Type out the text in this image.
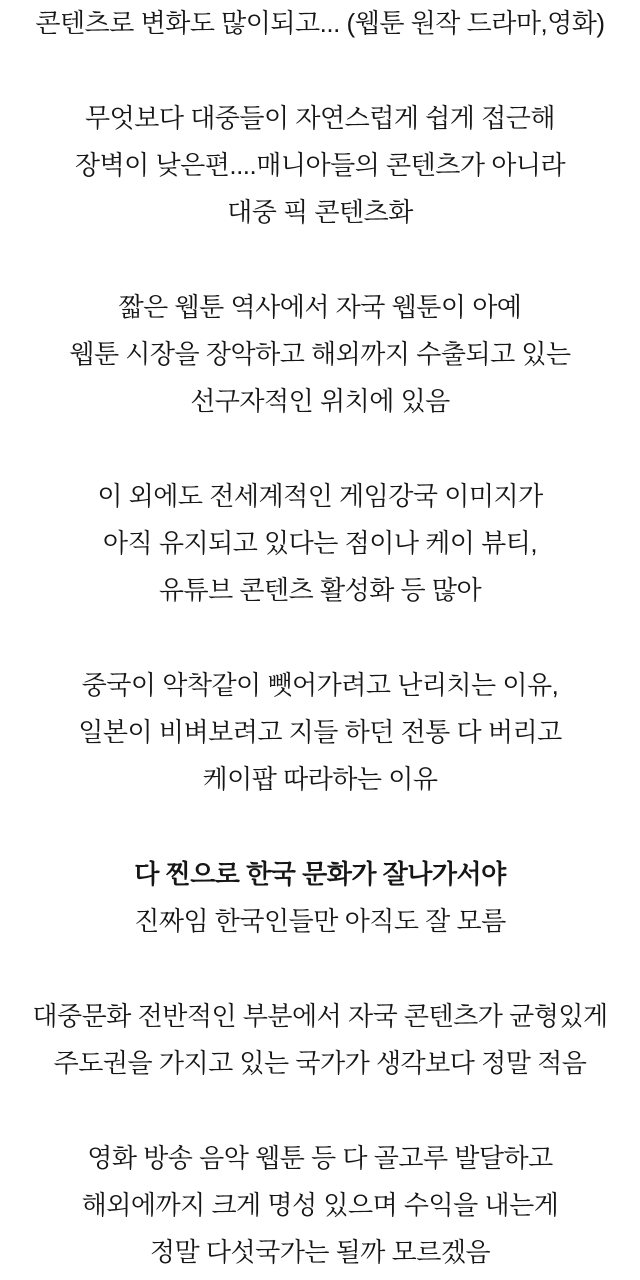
콘텐츠로 변화도 많이되고... (웹툰 원작 드라마,영화)
무엇보다 대중들이 자연스럽게 쉽게 접근해
장벽이 낮은편....매니아들의 콘텐츠가 아니라
대중 픽 콘텐츠화
짧은 웹툰 역사에서 자국 웹툰이 아예
웹툰 시장을 장악하고 해외까지 수출되고 있는
선구자적인 위치에 있음
이 외에도 전세계적인 게임강국 이미지가
아직 유지되고 있다는 점이나 케이 뷰티,
유튜브 콘텐츠 활성화 등 많아
중국이 악착같이 뺏어가려고 난리치는 이유,
일본이 비벼보려고 지들 하던 전통 다 버리고
케이팝 따라하는 이유
다 찐으로 한국 문화가 잘나가서야
진짜임 한국인들만 아직도 잘 모름
대중문화 전반적인 부분에서 자국 콘텐츠가 균형있게
주도권을 가지고 있는 국가가 생각보다 정말 적음
영화 방송 음악 웹툰 등 다 골고루 발달하고
해외에까지 크게 명성 있으며 수익을 내는게
정말 다섯국가는 될까 모르겠음
